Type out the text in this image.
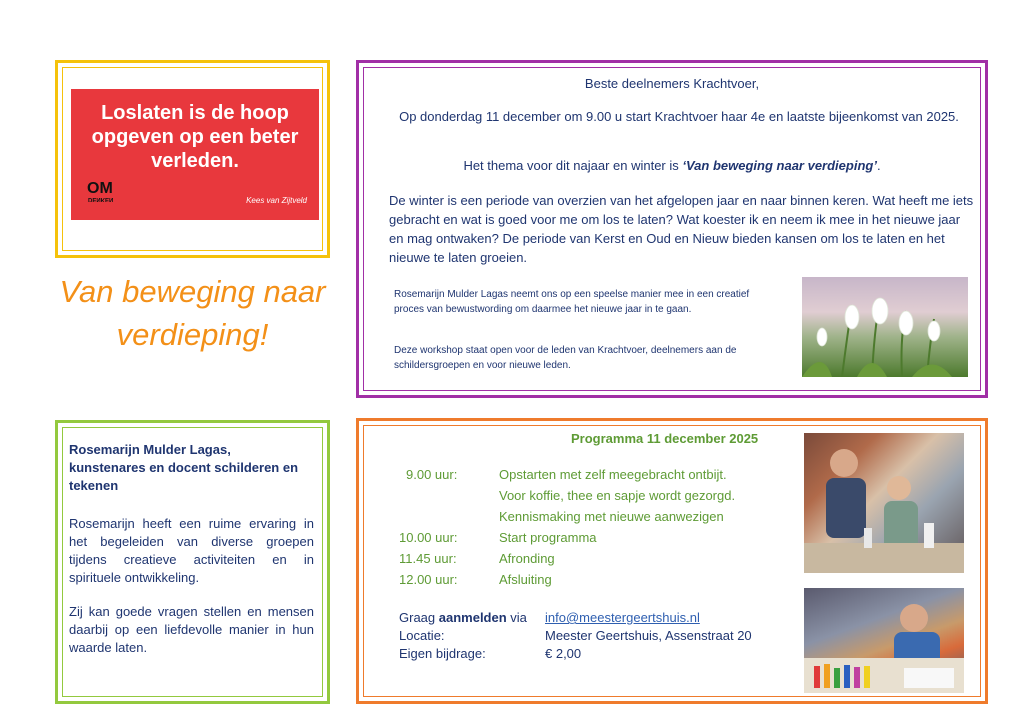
Loslaten is de hoop opgeven op een beter verleden.
OM
DENKEN	Kees van Zijtveld
Van beweging naar verdieping!
Beste deelnemers Krachtvoer,
Op donderdag 11 december om 9.00 u start Krachtvoer haar 4e en laatste bijeenkomst van 2025.
Het thema voor dit najaar en winter is ‘Van beweging naar verdieping’.
De winter is een periode van overzien van het afgelopen jaar en naar binnen keren. Wat heeft me iets gebracht en wat is goed voor me om los te laten? Wat koester ik en neem ik mee in het nieuwe jaar en mag ontwaken? De periode van Kerst en Oud en Nieuw bieden kansen om los te laten en het nieuwe te laten groeien.
Rosemarijn Mulder Lagas neemt ons op een speelse manier mee in een creatief proces van bewustwording om daarmee het nieuwe jaar in te gaan.
Deze workshop staat open voor de leden van Krachtvoer, deelnemers aan de schildersgroepen en voor nieuwe leden.
Rosemarijn Mulder Lagas, kunstenares en docent schilderen en tekenen
Rosemarijn heeft een ruime ervaring in het begeleiden van diverse groepen tijdens creatieve activiteiten en in spirituele ontwikkeling.
Zij kan goede vragen stellen en mensen daarbij op een liefdevolle manier in hun waarde laten.
Programma 11 december 2025
9.00 uur:	Opstarten met zelf meegebracht ontbijt.
Voor koffie, thee en sapje wordt gezorgd.
Kennismaking met nieuwe aanwezigen
10.00 uur:	Start programma
11.45 uur:	Afronding
12.00 uur:	Afsluiting
Graag aanmelden via info@meestergeertshuis.nl
Locatie:	Meester Geertshuis, Assenstraat 20
Eigen bijdrage:	€ 2,00
